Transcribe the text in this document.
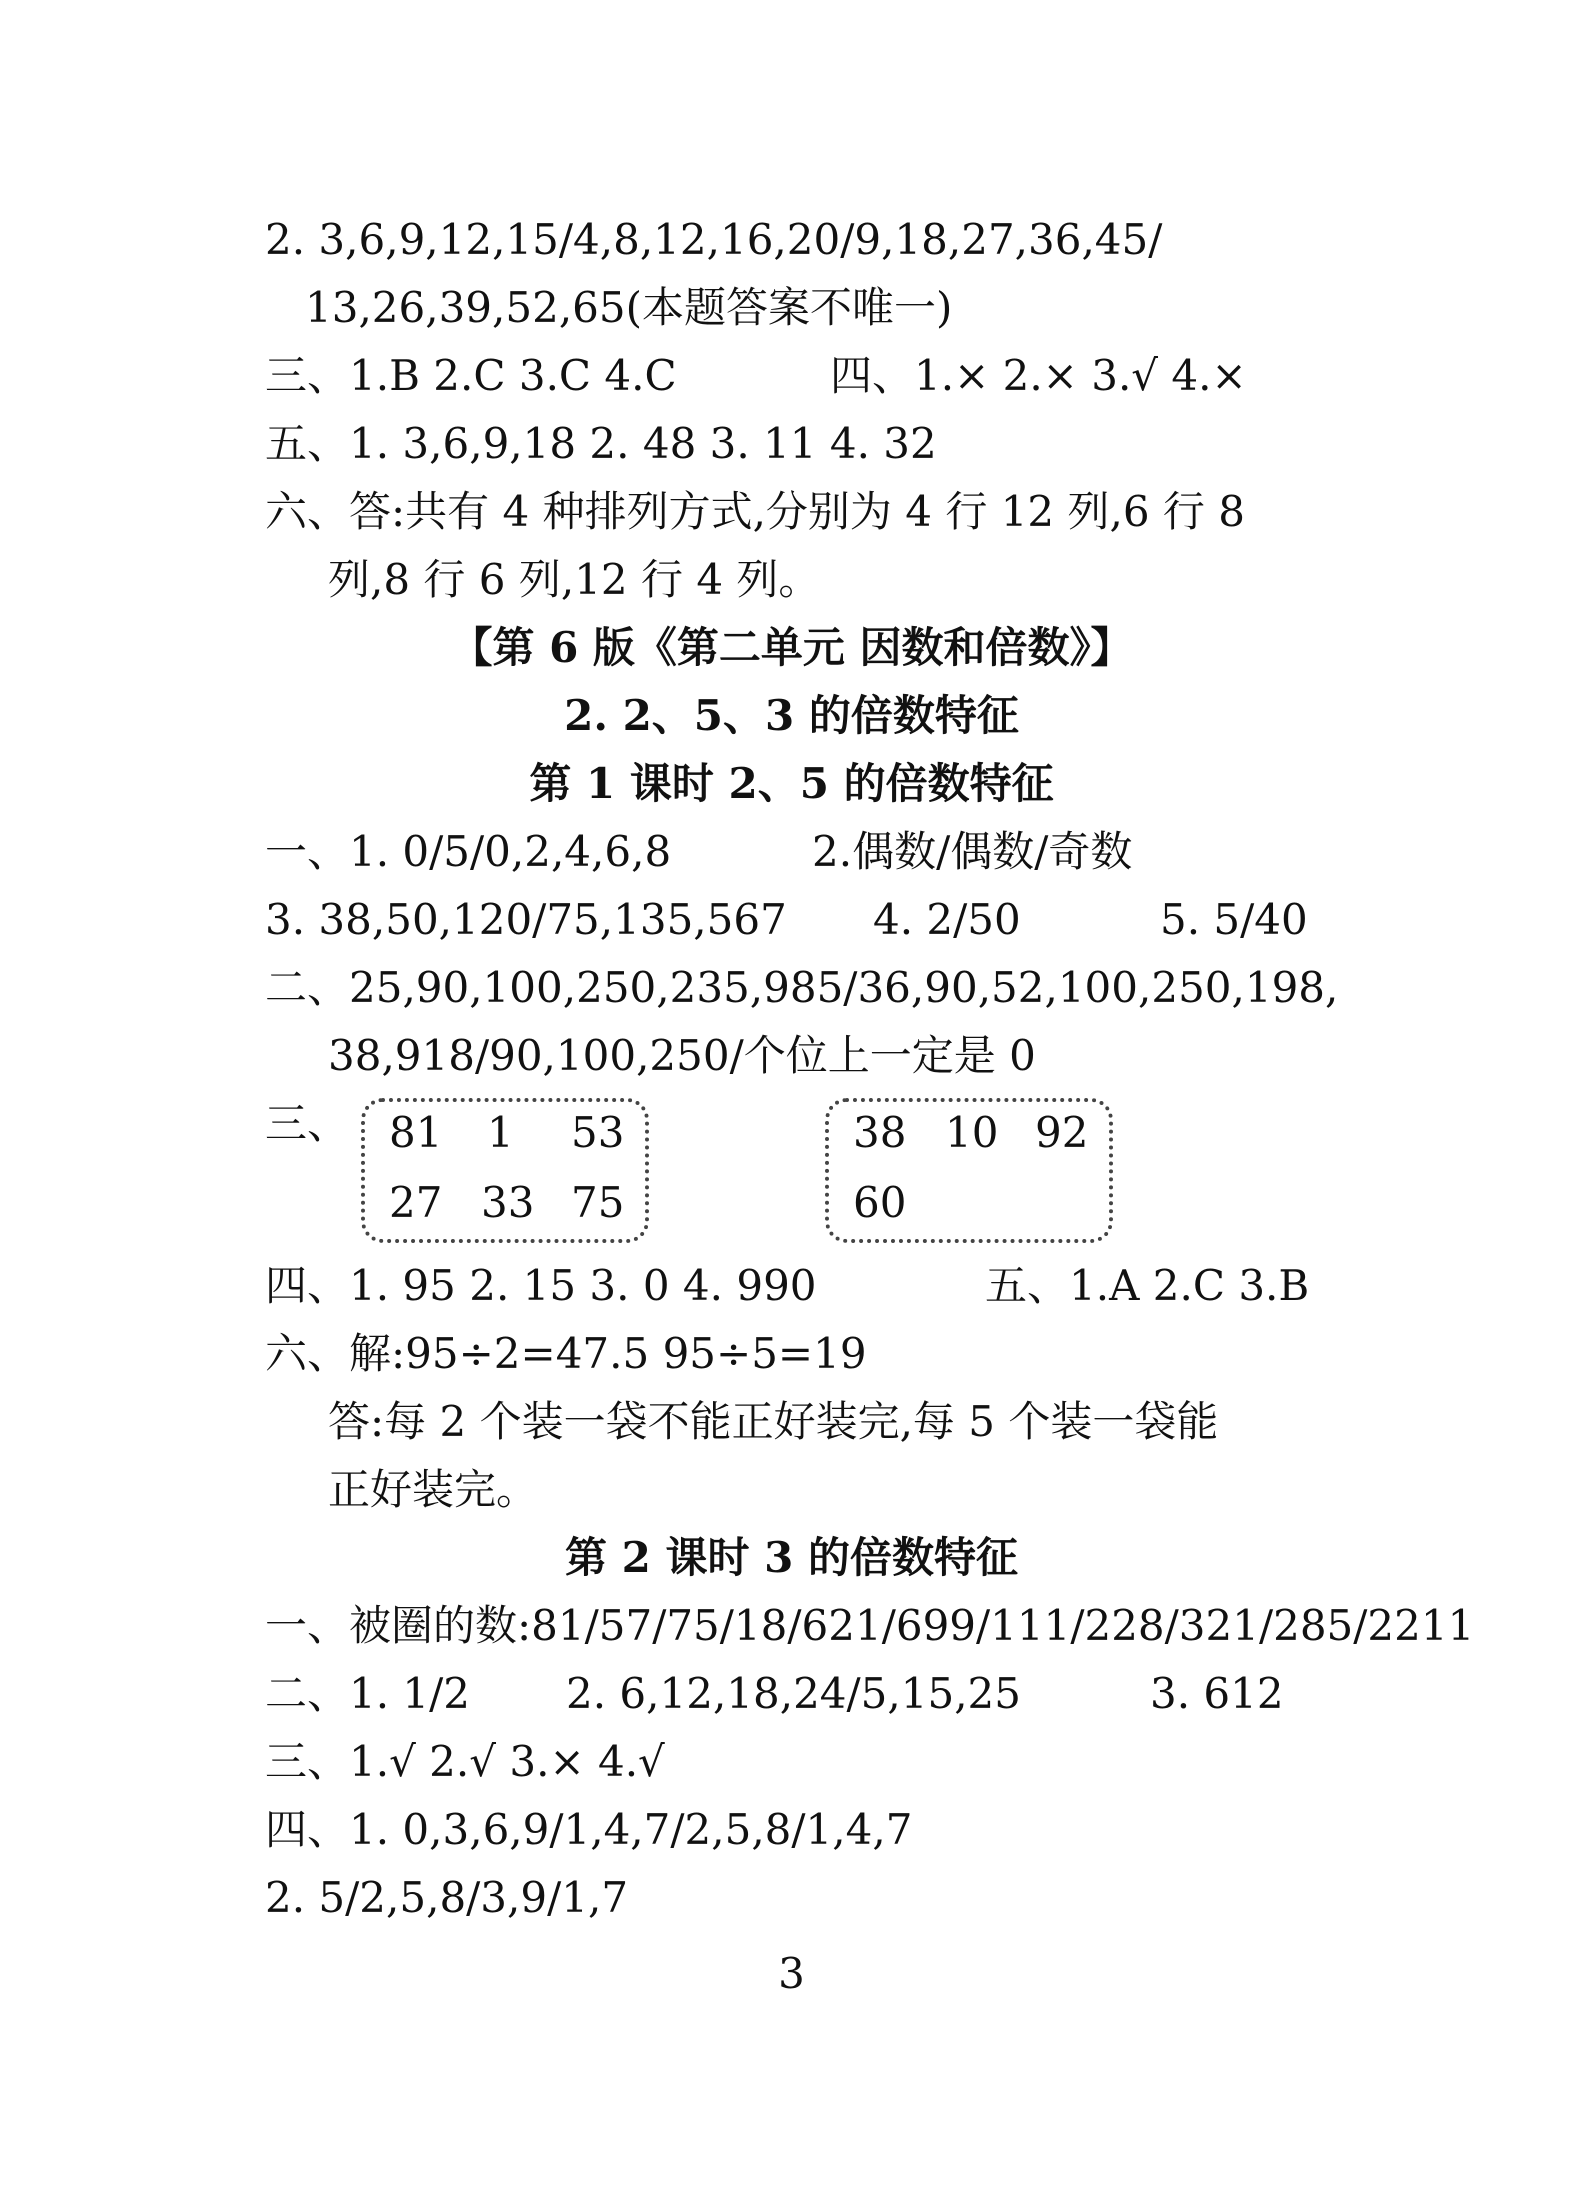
2. 3,6,9,12,15/4,8,12,16,20/9,18,27,36,45/
13,26,39,52,65(本题答案不唯一)
三、1.B 2.C 3.C 4.C	四、1.× 2.× 3.√ 4.×
五、1. 3,6,9,18 2. 48 3. 11 4. 32
六、答:共有 4 种排列方式,分别为 4 行 12 列,6 行 8
列,8 行 6 列,12 行 4 列。
【第 6 版《第二单元 因数和倍数》】
2. 2、5、3 的倍数特征
第 1 课时 2、5 的倍数特征
一、1. 0/5/0,2,4,6,8	2.偶数/偶数/奇数
3. 38,50,120/75,135,567 4. 2/50	5. 5/40
二、25,90,100,250,235,985/36,90,52,100,250,198,
38,918/90,100,250/个位上一定是 0
三、 81 1 53
27 33 75
38 10 92
60
四、1. 95 2. 15 3. 0 4. 990	五、1.A 2.C 3.B
六、解:95÷2=47.5 95÷5=19
答:每 2 个装一袋不能正好装完,每 5 个装一袋能
正好装完。
第 2 课时 3 的倍数特征
一、被圈的数:81/57/75/18/621/699/111/228/321/285/2211
二、1. 1/2 2. 6,12,18,24/5,15,25	3. 612
三、1.√ 2.√ 3.× 4.√
四、1. 0,3,6,9/1,4,7/2,5,8/1,4,7
2. 5/2,5,8/3,9/1,7
3
